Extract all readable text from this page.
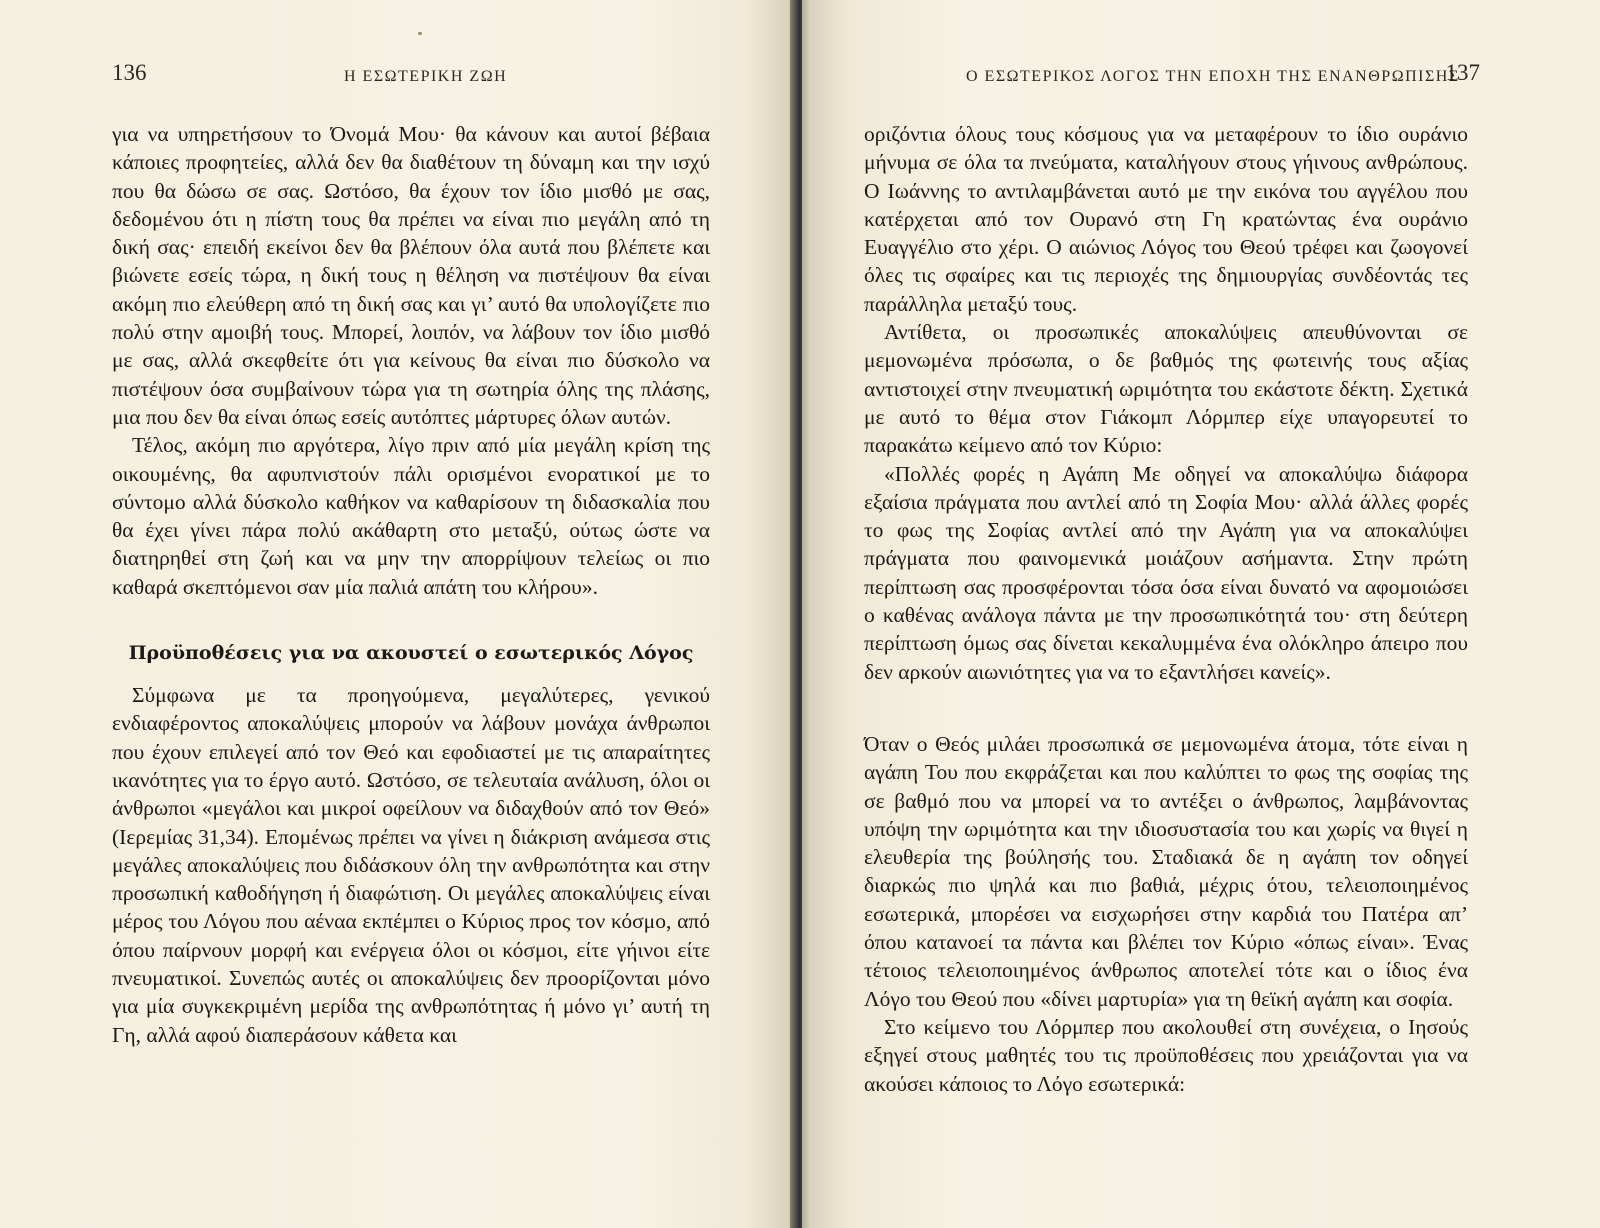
136	Η ΕΣΩΤΕΡΙΚΗ ΖΩΗ

για να υπηρετήσουν το Όνομά Μου· θα κάνουν και αυτοί βέβαια κάποιες προφητείες, αλλά δεν θα διαθέτουν τη δύναμη και την ισχύ που θα δώσω σε σας. Ωστόσο, θα έχουν τον ίδιο μισθό με σας, δεδομένου ότι η πίστη τους θα πρέπει να είναι πιο μεγάλη από τη δική σας· επειδή εκείνοι δεν θα βλέπουν όλα αυτά που βλέπετε και βιώνετε εσείς τώρα, η δική τους η θέληση να πιστέψουν θα είναι ακόμη πιο ελεύθερη από τη δική σας και γι’ αυτό θα υπολογίζετε πιο πολύ στην αμοιβή τους. Μπορεί, λοιπόν, να λάβουν τον ίδιο μισθό με σας, αλλά σκεφθείτε ότι για κείνους θα είναι πιο δύσκολο να πιστέψουν όσα συμβαίνουν τώρα για τη σωτηρία όλης της πλάσης, μια που δεν θα είναι όπως εσείς αυτόπτες μάρτυρες όλων αυτών.

Τέλος, ακόμη πιο αργότερα, λίγο πριν από μία μεγάλη κρίση της οικουμένης, θα αφυπνιστούν πάλι ορισμένοι ενορατικοί με το σύντομο αλλά δύσκολο καθήκον να καθαρίσουν τη διδασκαλία που θα έχει γίνει πάρα πολύ ακάθαρτη στο μεταξύ, ούτως ώστε να διατηρηθεί στη ζωή και να μην την απορρίψουν τελείως οι πιο καθαρά σκεπτόμενοι σαν μία παλιά απάτη του κλήρου».

Προϋποθέσεις για να ακουστεί ο εσωτερικός Λόγος

Σύμφωνα με τα προηγούμενα, μεγαλύτερες, γενικού ενδιαφέροντος αποκαλύψεις μπορούν να λάβουν μονάχα άνθρωποι που έχουν επιλεγεί από τον Θεό και εφοδιαστεί με τις απαραίτητες ικανότητες για το έργο αυτό. Ωστόσο, σε τελευταία ανάλυση, όλοι οι άνθρωποι «μεγάλοι και μικροί οφείλουν να διδαχθούν από τον Θεό» (Ιερεμίας 31,34). Επομένως πρέπει να γίνει η διάκριση ανάμεσα στις μεγάλες αποκαλύψεις που διδάσκουν όλη την ανθρωπότητα και στην προσωπική καθοδήγηση ή διαφώτιση. Οι μεγάλες αποκαλύψεις είναι μέρος του Λόγου που αέναα εκπέμπει ο Κύριος προς τον κόσμο, από όπου παίρνουν μορφή και ενέργεια όλοι οι κόσμοι, είτε γήινοι είτε πνευματικοί. Συνεπώς αυτές οι αποκαλύψεις δεν προορίζονται μόνο για μία συγκεκριμένη μερίδα της ανθρωπότητας ή μόνο γι’ αυτή τη Γη, αλλά αφού διαπεράσουν κάθετα και

Ο ΕΣΩΤΕΡΙΚΟΣ ΛΟΓΟΣ ΤΗΝ ΕΠΟΧΗ ΤΗΣ ΕΝΑΝΘΡΩΠΙΣΗΣ
137

οριζόντια όλους τους κόσμους για να μεταφέρουν το ίδιο ουράνιο μήνυμα σε όλα τα πνεύματα, καταλήγουν στους γήινους ανθρώπους. Ο Ιωάννης το αντιλαμβάνεται αυτό με την εικόνα του αγγέλου που κατέρχεται από τον Ουρανό στη Γη κρατώντας ένα ουράνιο Ευαγγέλιο στο χέρι. Ο αιώνιος Λόγος του Θεού τρέφει και ζωογονεί όλες τις σφαίρες και τις περιοχές της δημιουργίας συνδέοντάς τες παράλληλα μεταξύ τους.

Αντίθετα, οι προσωπικές αποκαλύψεις απευθύνονται σε μεμονωμένα πρόσωπα, ο δε βαθμός της φωτεινής τους αξίας αντιστοιχεί στην πνευματική ωριμότητα του εκάστοτε δέκτη. Σχετικά με αυτό το θέμα στον Γιάκομπ Λόρμπερ είχε υπαγορευτεί το παρακάτω κείμενο από τον Κύριο:

«Πολλές φορές η Αγάπη Με οδηγεί να αποκαλύψω διάφορα εξαίσια πράγματα που αντλεί από τη Σοφία Μου· αλλά άλλες φορές το φως της Σοφίας αντλεί από την Αγάπη για να αποκαλύψει πράγματα που φαινομενικά μοιάζουν ασήμαντα. Στην πρώτη περίπτωση σας προσφέρονται τόσα όσα είναι δυνατό να αφομοιώσει ο καθένας ανάλογα πάντα με την προσωπικότητά του· στη δεύτερη περίπτωση όμως σας δίνεται κεκαλυμμένα ένα ολόκληρο άπειρο που δεν αρκούν αιωνιότητες για να το εξαντλήσει κανείς».

Όταν ο Θεός μιλάει προσωπικά σε μεμονωμένα άτομα, τότε είναι η αγάπη Του που εκφράζεται και που καλύπτει το φως της σοφίας της σε βαθμό που να μπορεί να το αντέξει ο άνθρωπος, λαμβάνοντας υπόψη την ωριμότητα και την ιδιοσυστασία του και χωρίς να θιγεί η ελευθερία της βούλησής του. Σταδιακά δε η αγάπη τον οδηγεί διαρκώς πιο ψηλά και πιο βαθιά, μέχρις ότου, τελειοποιημένος εσωτερικά, μπορέσει να εισχωρήσει στην καρδιά του Πατέρα απ’ όπου κατανοεί τα πάντα και βλέπει τον Κύριο «όπως είναι». Ένας τέτοιος τελειοποιημένος άνθρωπος αποτελεί τότε και ο ίδιος ένα Λόγο του Θεού που «δίνει μαρτυρία» για τη θεϊκή αγάπη και σοφία.

Στο κείμενο του Λόρμπερ που ακολουθεί στη συνέχεια, ο Ιησούς εξηγεί στους μαθητές του τις προϋποθέσεις που χρειάζονται για να ακούσει κάποιος το Λόγο εσωτερικά:
